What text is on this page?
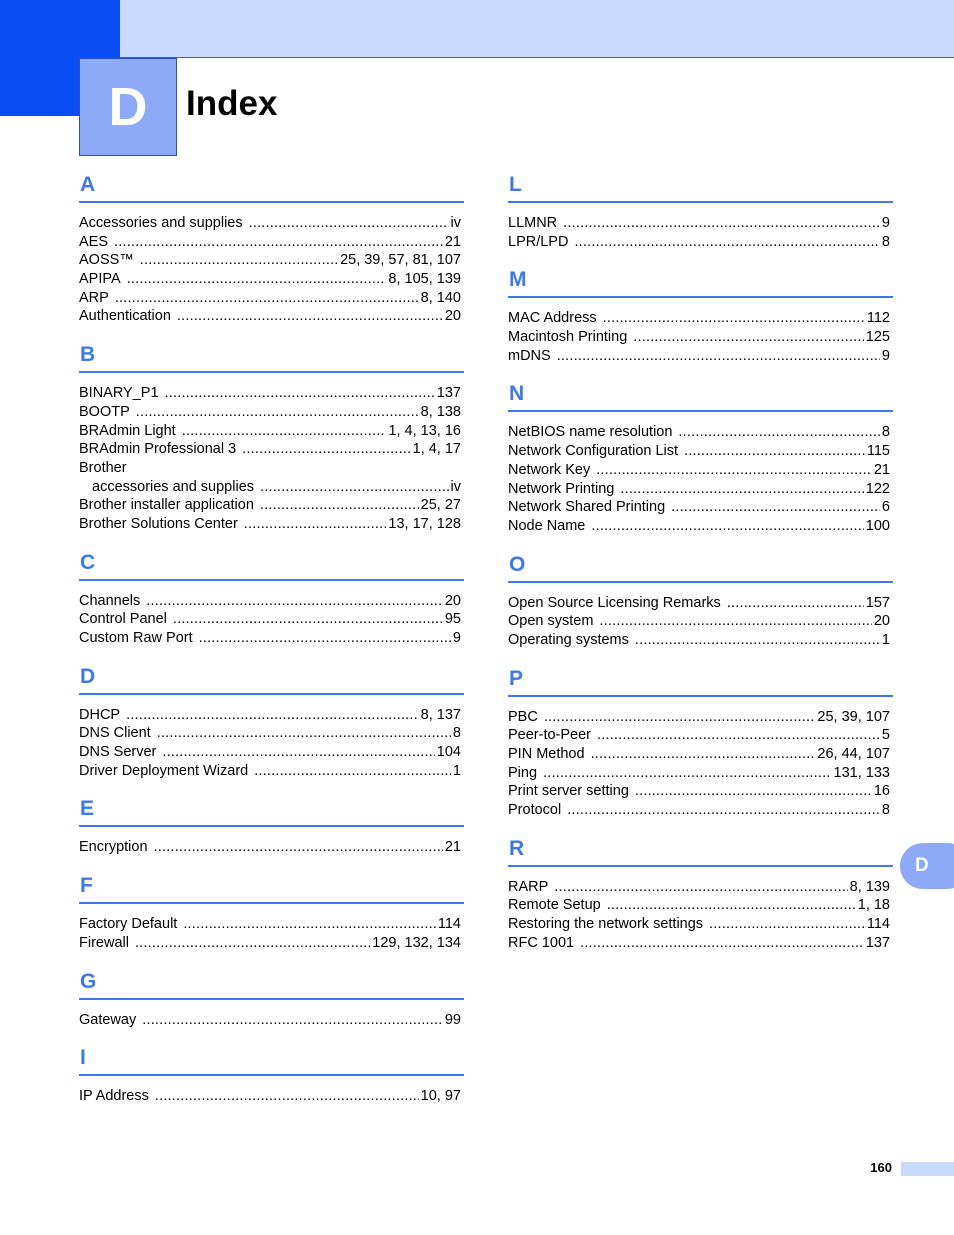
D	Index
A
Accessories and supplies .....	iv
AES .....	21
AOSS™ .....	25, 39, 57, 81, 107
APIPA .....	8, 105, 139
ARP .....	8, 140
Authentication .....	20
B
BINARY_P1 .....	137
BOOTP .....	8, 138
BRAdmin Light .....	1, 4, 13, 16
BRAdmin Professional 3 .....	1, 4, 17
Brother
accessories and supplies .....	iv
Brother installer application .....	25, 27
Brother Solutions Center .....	13, 17, 128
C
Channels .....	20
Control Panel .....	95
Custom Raw Port .....	9
D
DHCP .....	8, 137
DNS Client .....	8
DNS Server .....	104
Driver Deployment Wizard .....	1
E
Encryption .....	21
F
Factory Default .....	114
Firewall .....	129, 132, 134
G
Gateway .....	99
I
IP Address .....	10, 97
L
LLMNR .....	9
LPR/LPD .....	8
M
MAC Address .....	112
Macintosh Printing .....	125
mDNS .....	9
N
NetBIOS name resolution .....	8
Network Configuration List .....	115
Network Key .....	21
Network Printing .....	122
Network Shared Printing .....	6
Node Name .....	100
O
Open Source Licensing Remarks .....	157
Open system .....	20
Operating systems .....	1
P
PBC .....	25, 39, 107
Peer-to-Peer .....	5
PIN Method .....	26, 44, 107
Ping .....	131, 133
Print server setting .....	16
Protocol .....	8
R
RARP .....	8, 139
Remote Setup .....	1, 18
Restoring the network settings .....	114
RFC 1001 .....	137
D
160
